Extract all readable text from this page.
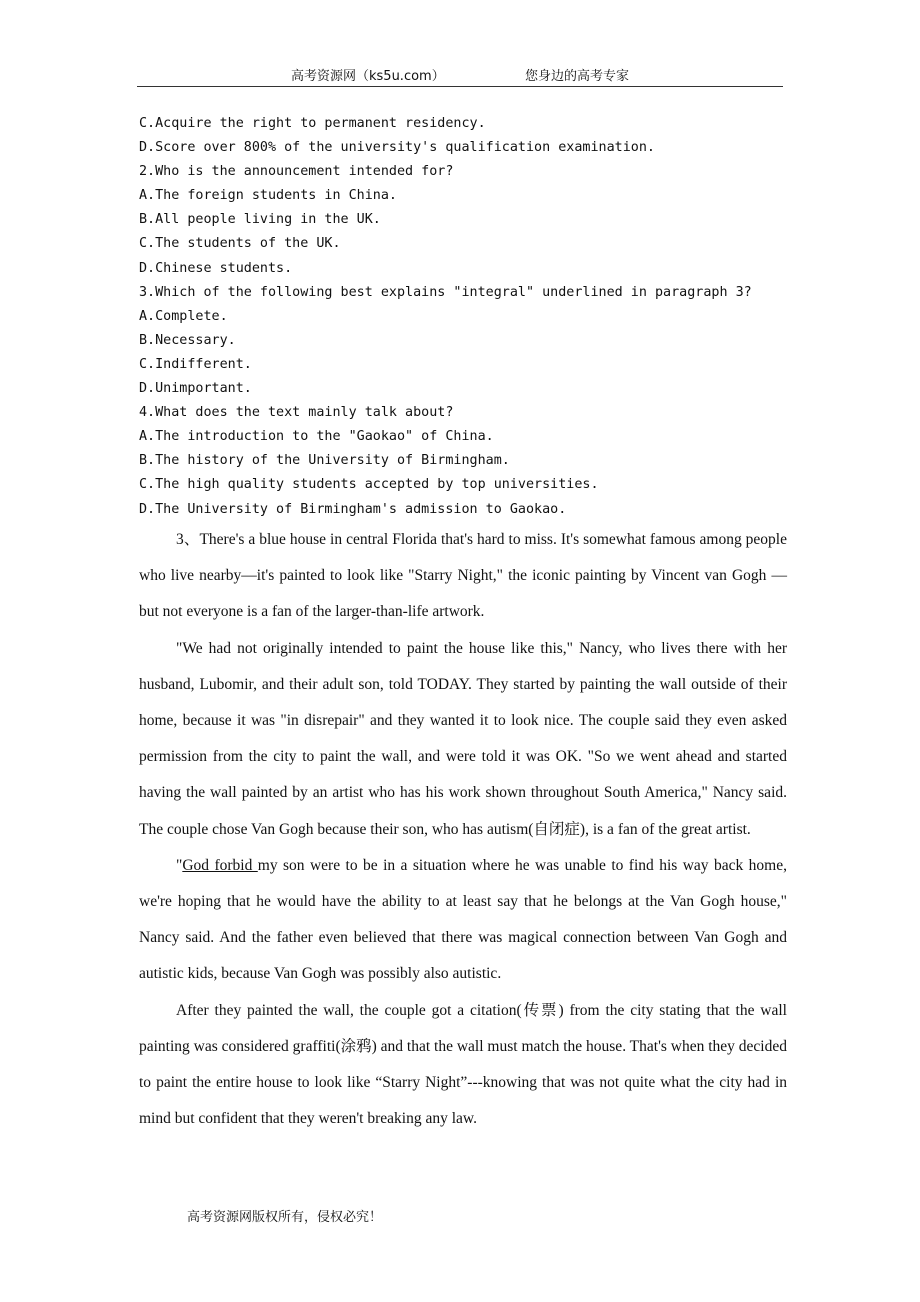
高考资源网（ks5u.com）	您身边的高考专家
C.Acquire the right to permanent residency.
D.Score over 800% of the university's qualification examination.
2.Who is the announcement intended for?
A.The foreign students in China.
B.All people living in the UK.
C.The students of the UK.
D.Chinese students.
3.Which of the following best explains "integral" underlined in paragraph 3?
A.Complete.
B.Necessary.
C.Indifferent.
D.Unimportant.
4.What does the text mainly talk about?
A.The introduction to the "Gaokao" of China.
B.The history of the University of Birmingham.
C.The high quality students accepted by top universities.
D.The University of Birmingham's admission to Gaokao.

3、There's a blue house in central Florida that's hard to miss. It's somewhat famous among people who live nearby—it's painted to look like "Starry Night," the iconic painting by Vincent van Gogh — but not everyone is a fan of the larger-than-life artwork.

"We had not originally intended to paint the house like this," Nancy, who lives there with her husband, Lubomir, and their adult son, told TODAY. They started by painting the wall outside of their home, because it was "in disrepair" and they wanted it to look nice. The couple said they even asked permission from the city to paint the wall, and were told it was OK. "So we went ahead and started having the wall painted by an artist who has his work shown throughout South America," Nancy said. The couple chose Van Gogh because their son, who has autism(自闭症), is a fan of the great artist.

"God forbid my son were to be in a situation where he was unable to find his way back home, we're hoping that he would have the ability to at least say that he belongs at the Van Gogh house," Nancy said. And the father even believed that there was magical connection between Van Gogh and autistic kids, because Van Gogh was possibly also autistic.

After they painted the wall, the couple got a citation(传票) from the city stating that the wall painting was considered graffiti(涂鸦) and that the wall must match the house. That's when they decided to paint the entire house to look like “Starry Night”---knowing that was not quite what the city had in mind but confident that they weren't breaking any law.

高考资源网版权所有，侵权必究！
